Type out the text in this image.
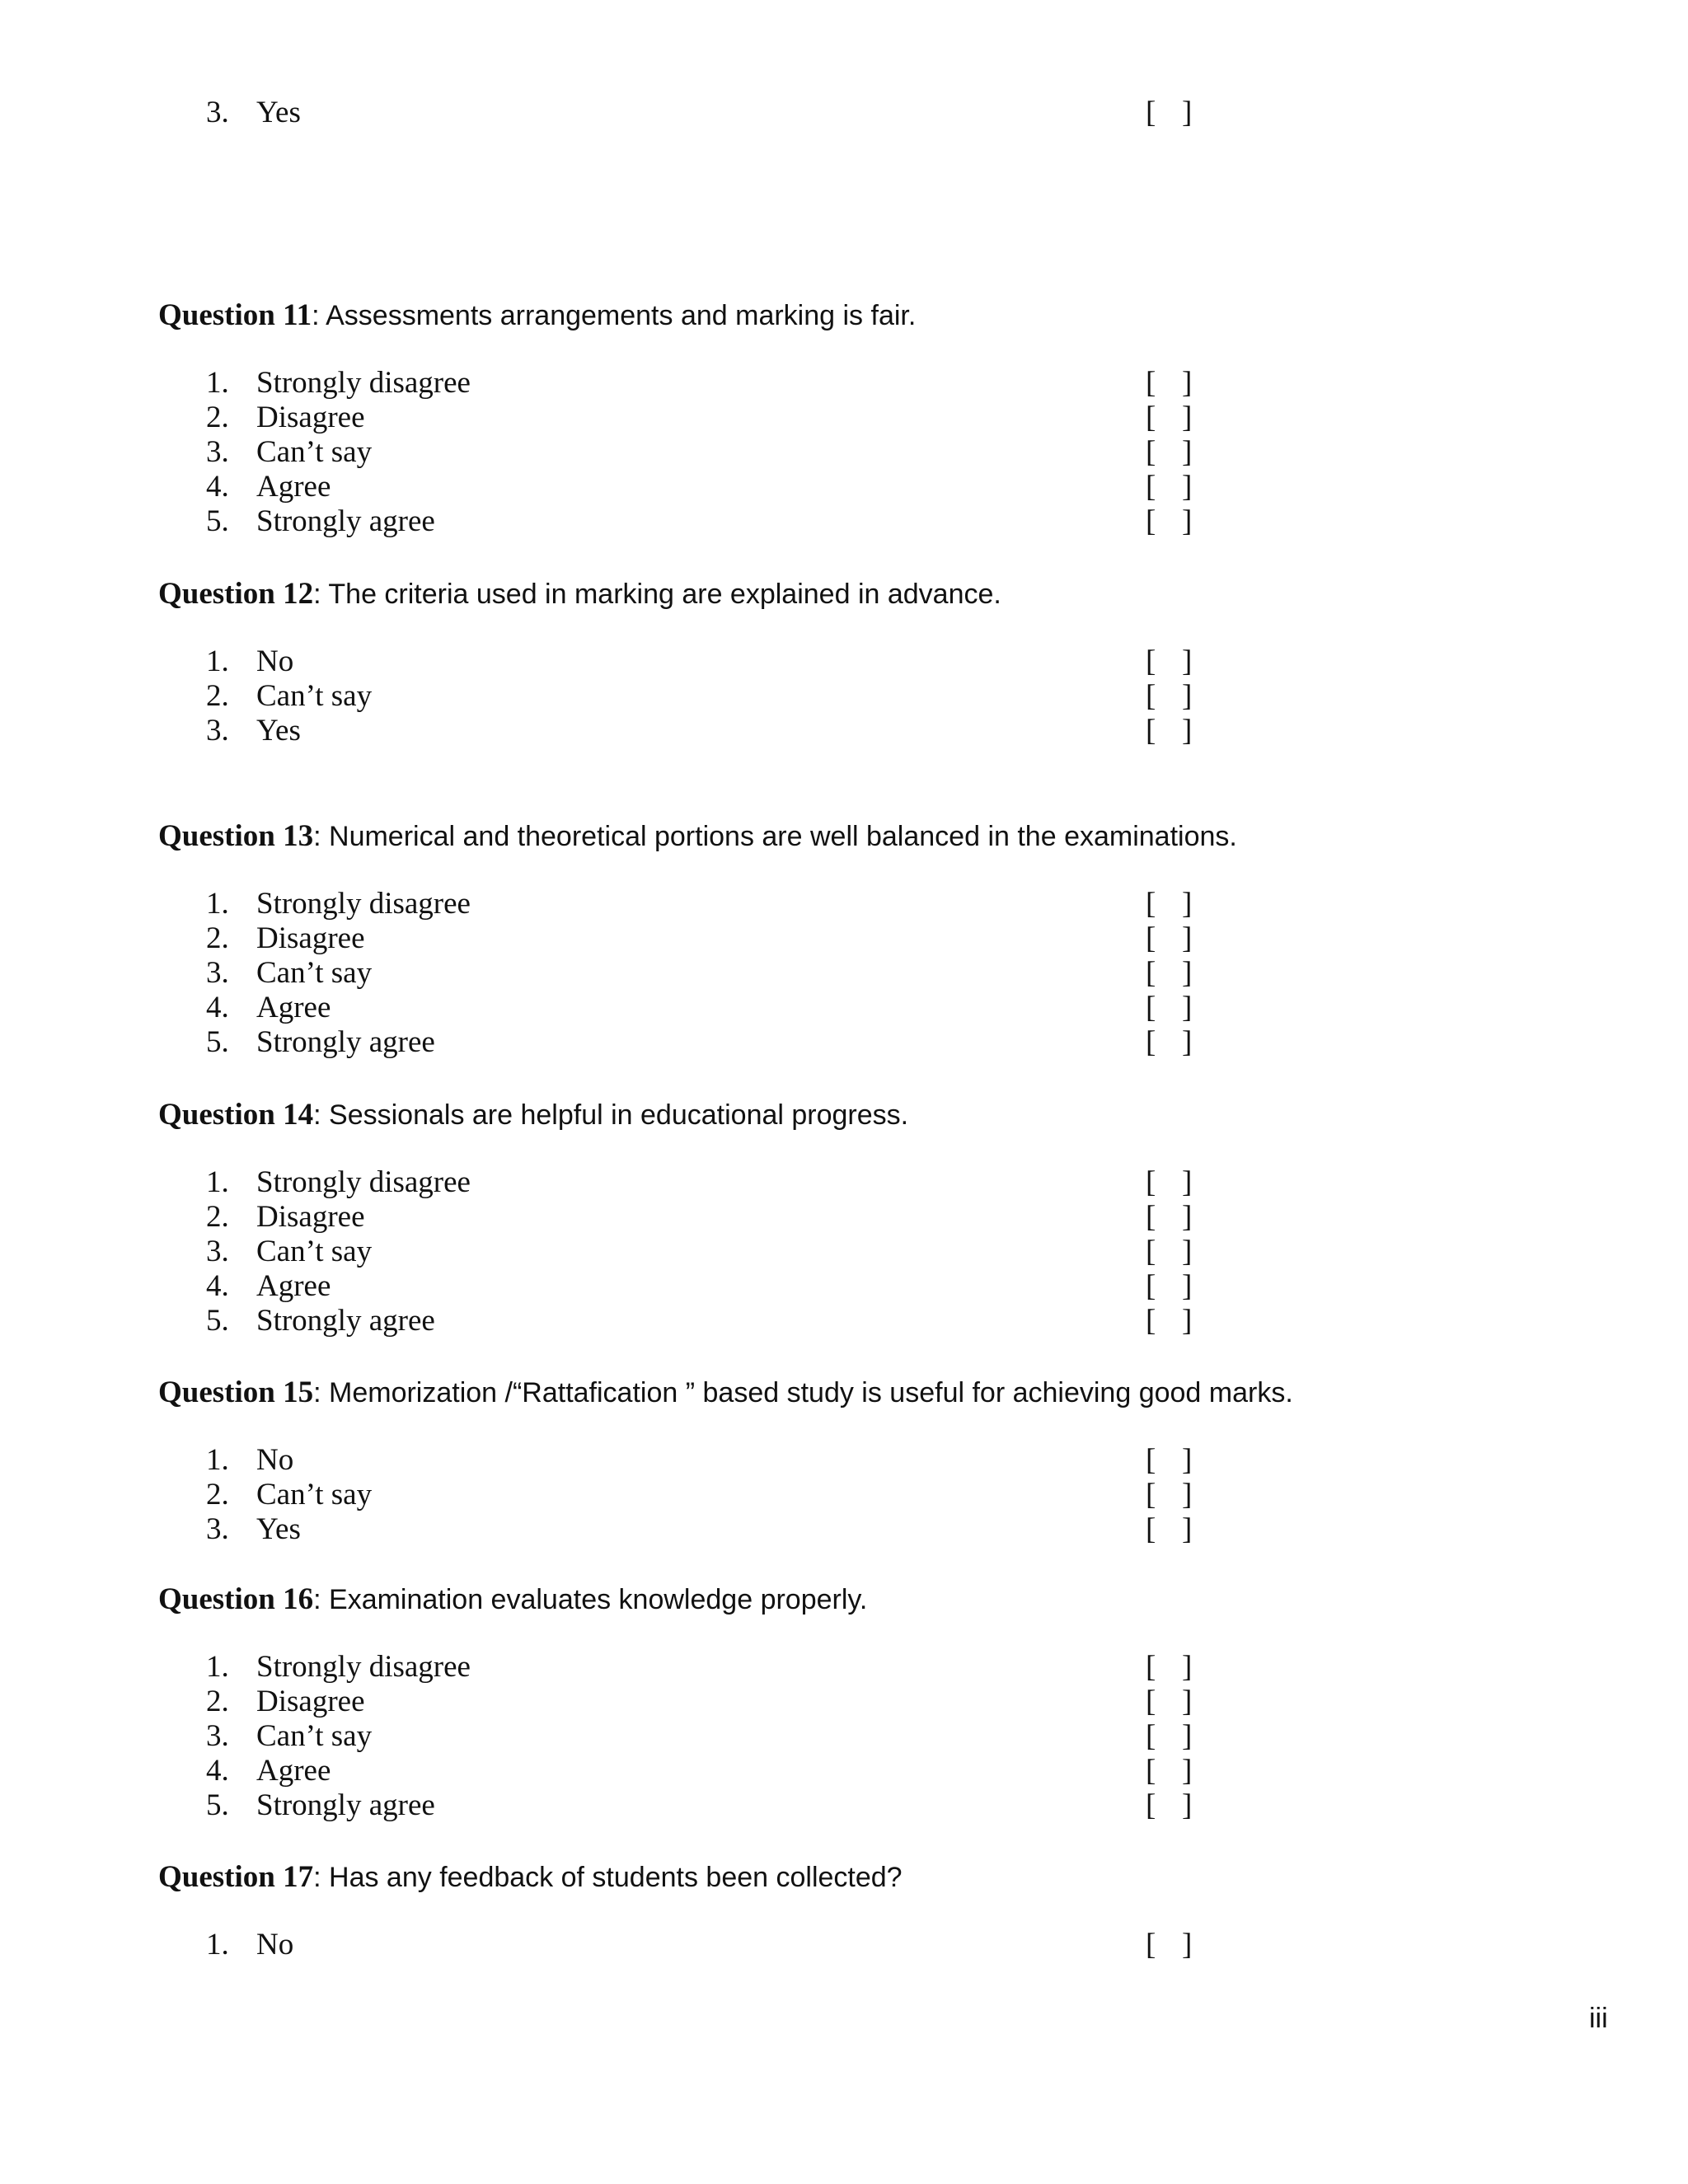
3. Yes	[ ]
Question 11: Assessments arrangements and marking is fair.
1. Strongly disagree	[ ]
2. Disagree	[ ]
3. Can’t say	[ ]
4. Agree	[ ]
5. Strongly agree	[ ]
Question 12: The criteria used in marking are explained in advance.
1. No	[ ]
2. Can’t say	[ ]
3. Yes	[ ]
Question 13: Numerical and theoretical portions are well balanced in the examinations.
1. Strongly disagree	[ ]
2. Disagree	[ ]
3. Can’t say	[ ]
4. Agree	[ ]
5. Strongly agree	[ ]
Question 14: Sessionals are helpful in educational progress.
1. Strongly disagree	[ ]
2. Disagree	[ ]
3. Can’t say	[ ]
4. Agree	[ ]
5. Strongly agree	[ ]
Question 15: Memorization /“Rattafication ” based study is useful for achieving good marks.
1. No	[ ]
2. Can’t say	[ ]
3. Yes	[ ]
Question 16: Examination evaluates knowledge properly.
1. Strongly disagree	[ ]
2. Disagree	[ ]
3. Can’t say	[ ]
4. Agree	[ ]
5. Strongly agree	[ ]
Question 17: Has any feedback of students been collected?
1. No	[ ]
iii
